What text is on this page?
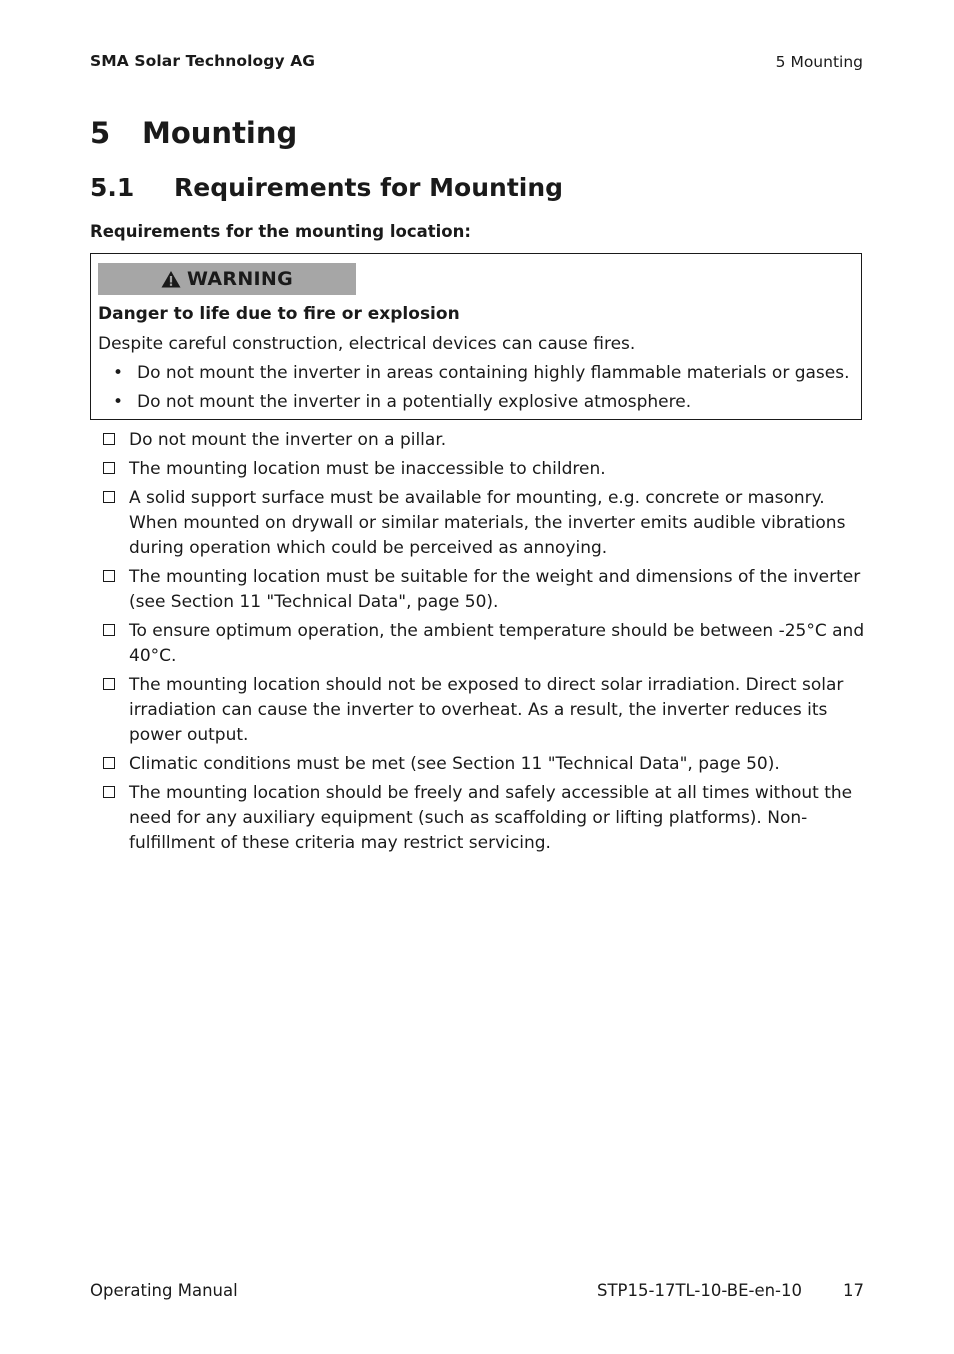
SMA Solar Technology AG	5 Mounting
5 Mounting
5.1 Requirements for Mounting
Requirements for the mounting location:
WARNING
Danger to life due to fire or explosion
Despite careful construction, electrical devices can cause fires.
• Do not mount the inverter in areas containing highly flammable materials or gases.
• Do not mount the inverter in a potentially explosive atmosphere.
Do not mount the inverter on a pillar.
The mounting location must be inaccessible to children.
A solid support surface must be available for mounting, e.g. concrete or masonry. When mounted on drywall or similar materials, the inverter emits audible vibrations during operation which could be perceived as annoying.
The mounting location must be suitable for the weight and dimensions of the inverter (see Section 11 "Technical Data", page 50).
To ensure optimum operation, the ambient temperature should be between -25°C and 40°C.
The mounting location should not be exposed to direct solar irradiation. Direct solar irradiation can cause the inverter to overheat. As a result, the inverter reduces its power output.
Climatic conditions must be met (see Section 11 "Technical Data", page 50).
The mounting location should be freely and safely accessible at all times without the need for any auxiliary equipment (such as scaffolding or lifting platforms). Non-fulfillment of these criteria may restrict servicing.
Operating Manual	STP15-17TL-10-BE-en-10 17
